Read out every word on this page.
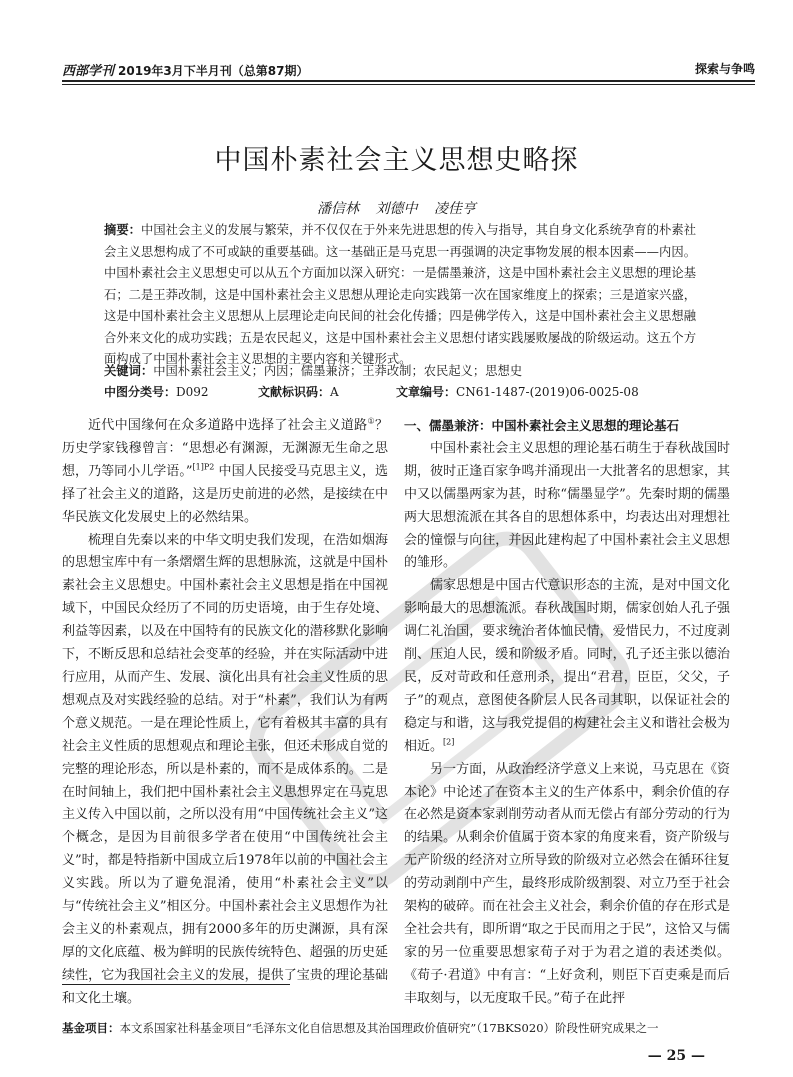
西部学刊 2019年3月下半月刊（总第87期）	探索与争鸣
中国朴素社会主义思想史略探
潘信林 刘德中 凌佳亨
摘要：中国社会主义的发展与繁荣，并不仅仅在于外来先进思想的传入与指导，其自身文化系统孕育的朴素社会主义思想构成了不可或缺的重要基础。这一基础正是马克思一再强调的决定事物发展的根本因素——内因。中国朴素社会主义思想史可以从五个方面加以深入研究：一是儒墨兼济，这是中国朴素社会主义思想的理论基石；二是王莽改制，这是中国朴素社会主义思想从理论走向实践第一次在国家维度上的探索；三是道家兴盛，这是中国朴素社会主义思想从上层理论走向民间的社会化传播；四是佛学传入，这是中国朴素社会主义思想融合外来文化的成功实践；五是农民起义，这是中国朴素社会主义思想付诸实践屡败屡战的阶级运动。这五个方面构成了中国朴素社会主义思想的主要内容和关键形式。
关键词：中国朴素社会主义；内因；儒墨兼济；王莽改制；农民起义；思想史
中图分类号：D092	文献标识码：A	文章编号：CN61-1487-(2019)06-0025-08

近代中国缘何在众多道路中选择了社会主义道路①？历史学家钱穆曾言：“思想必有渊源，无渊源无生命之思想，乃等同小儿学语。”$^{[1]P2}$ 中国人民接受马克思主义，选择了社会主义的道路，这是历史前进的必然，是接续在中华民族文化发展史上的必然结果。

梳理自先秦以来的中华文明史我们发现，在浩如烟海的思想宝库中有一条熠熠生辉的思想脉流，这就是中国朴素社会主义思想史。中国朴素社会主义思想是指在中国视域下，中国民众经历了不同的历史语境，由于生存处境、利益等因素，以及在中国特有的民族文化的潜移默化影响下，不断反思和总结社会变革的经验，并在实际活动中进行应用，从而产生、发展、演化出具有社会主义性质的思想观点及对实践经验的总结。对于“朴素”，我们认为有两个意义规范。一是在理论性质上，它有着极其丰富的具有社会主义性质的思想观点和理论主张，但还未形成自觉的完整的理论形态，所以是朴素的，而不是成体系的。二是在时间轴上，我们把中国朴素社会主义思想界定在马克思主义传入中国以前，之所以没有用“中国传统社会主义”这个概念，是因为目前很多学者在使用“中国传统社会主义”时，都是特指新中国成立后1978年以前的中国社会主义实践。所以为了避免混淆，使用“朴素社会主义”以与“传统社会主义”相区分。中国朴素社会主义思想作为社会主义的朴素观点，拥有2000多年的历史渊源，具有深厚的文化底蕴、极为鲜明的民族传统特色、超强的历史延续性，它为我国社会主义的发展，提供了宝贵的理论基础和文化土壤。

一、儒墨兼济：中国朴素社会主义思想的理论基石

中国朴素社会主义思想的理论基石萌生于春秋战国时期，彼时正逢百家争鸣并涌现出一大批著名的思想家，其中又以儒墨两家为甚，时称“儒墨显学”。先秦时期的儒墨两大思想流派在其各自的思想体系中，均表达出对理想社会的憧憬与向往，并因此建构起了中国朴素社会主义思想的雏形。

儒家思想是中国古代意识形态的主流，是对中国文化影响最大的思想流派。春秋战国时期，儒家创始人孔子强调仁礼治国，要求统治者体恤民情，爱惜民力，不过度剥削、压迫人民，缓和阶级矛盾。同时，孔子还主张以德治民，反对苛政和任意刑杀，提出“君君，臣臣，父父，子子”的观点，意图使各阶层人民各司其职，以保证社会的稳定与和谐，这与我党提倡的构建社会主义和谐社会极为相近。[2]

另一方面，从政治经济学意义上来说，马克思在《资本论》中论述了在资本主义的生产体系中，剩余价值的存在必然是资本家剥削劳动者从而无偿占有部分劳动的行为的结果。从剩余价值属于资本家的角度来看，资产阶级与无产阶级的经济对立所导致的阶级对立必然会在循环往复的劳动剥削中产生，最终形成阶级割裂、对立乃至于社会架构的破碎。而在社会主义社会，剩余价值的存在形式是全社会共有，即所谓“取之于民而用之于民”，这恰又与儒家的另一位重要思想家荀子对于为君之道的表述类似。《荀子·君道》中有言：“上好贪利，则臣下百吏乘是而后丰取刻与，以无度取千民。”荀子在此抨

基金项目：本文系国家社科基金项目“毛泽东文化自信思想及其治国理政价值研究”（17BKS020）阶段性研究成果之一
— 25 —
